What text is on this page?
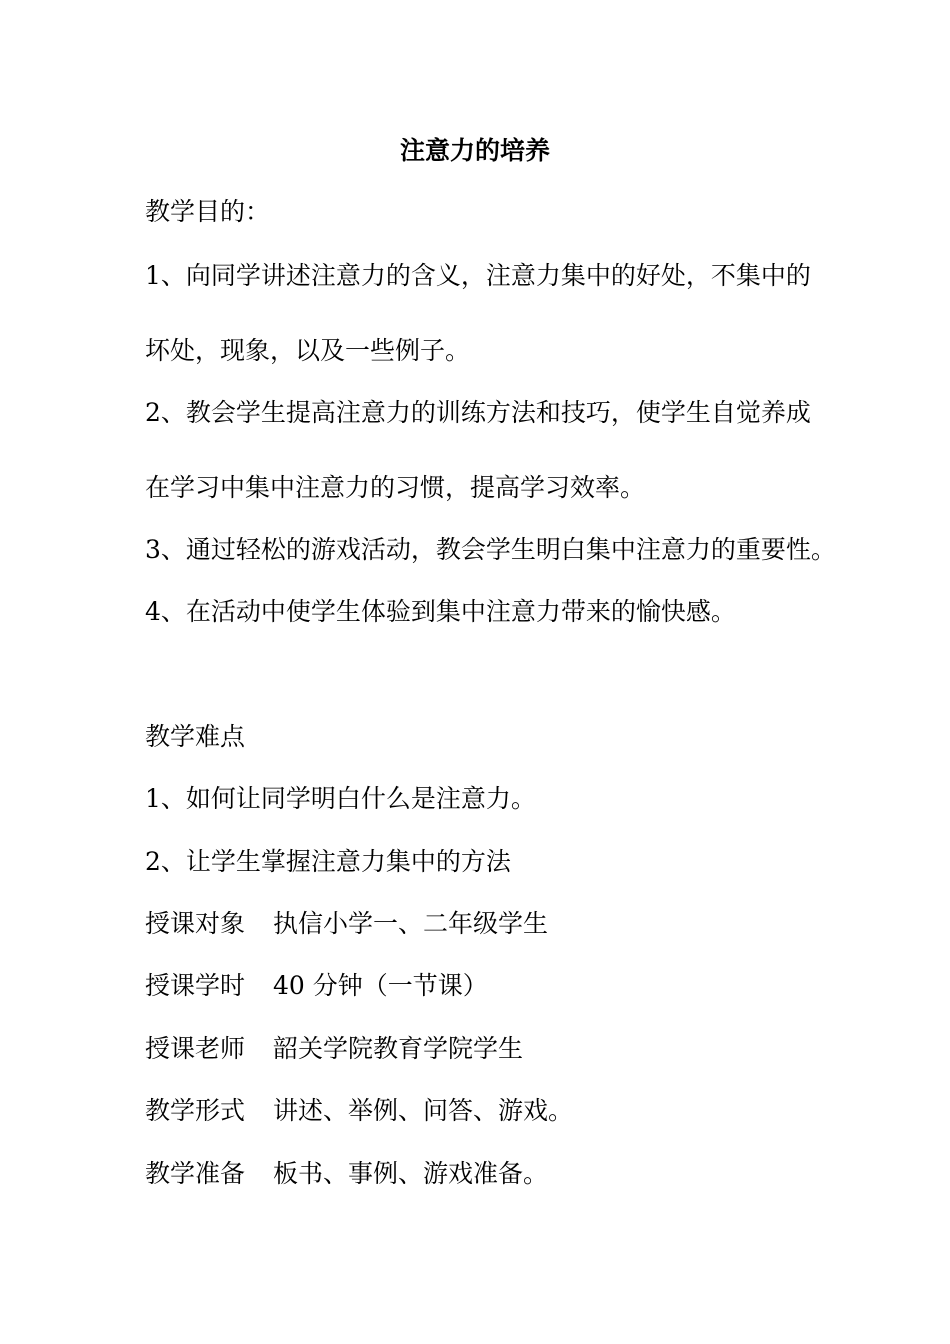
注意力的培养

教学目的：

1、向同学讲述注意力的含义，注意力集中的好处，不集中的

坏处，现象，以及一些例子。

2、教会学生提高注意力的训练方法和技巧，使学生自觉养成

在学习中集中注意力的习惯，提高学习效率。

3、通过轻松的游戏活动，教会学生明白集中注意力的重要性。

4、在活动中使学生体验到集中注意力带来的愉快感。

教学难点

1、如何让同学明白什么是注意力。

2、让学生掌握注意力集中的方法

授课对象 执信小学一、二年级学生

授课学时 40 分钟（一节课）

授课老师 韶关学院教育学院学生

教学形式 讲述、举例、问答、游戏。

教学准备 板书、事例、游戏准备。
